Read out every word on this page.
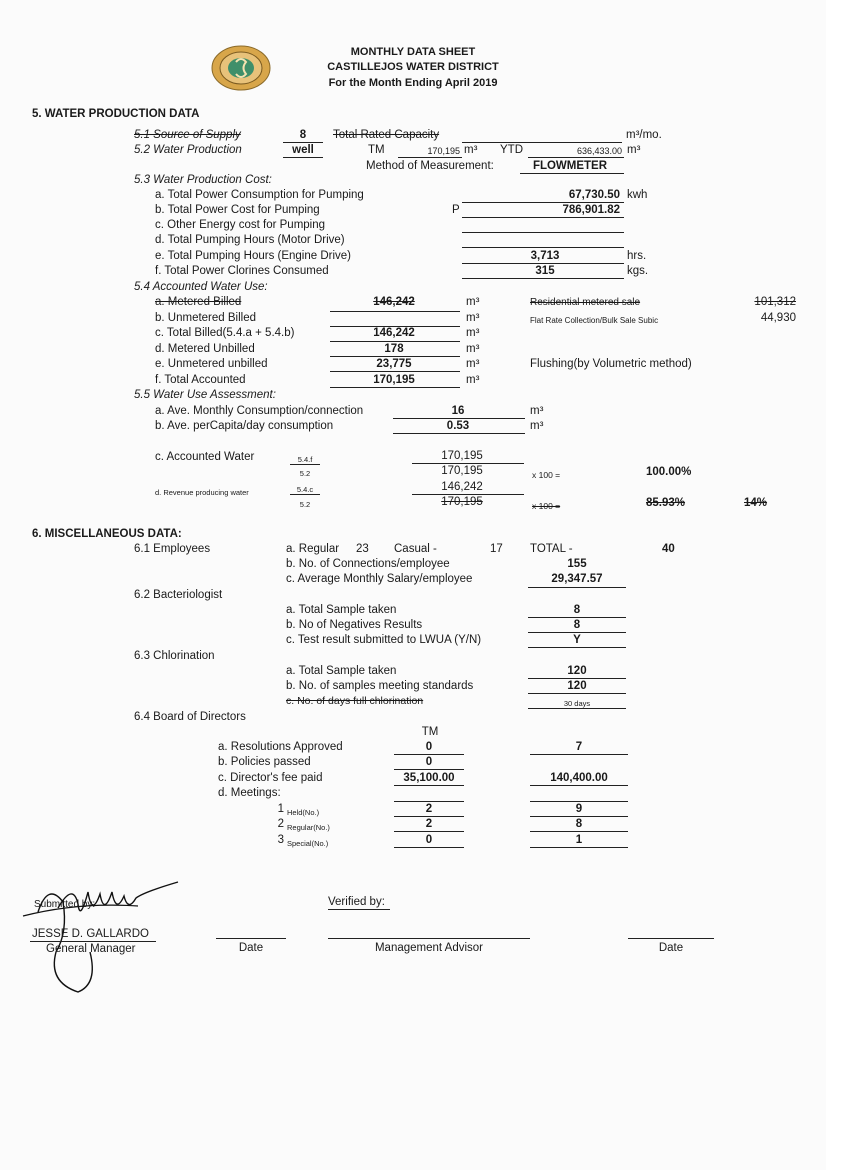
MONTHLY DATA SHEET
CASTILLEJOS WATER DISTRICT
For the Month Ending April 2019
5. WATER PRODUCTION DATA
5.1 Source of Supply	8	Total Rated Capacity	m³/mo.
5.2 Water Production	well	TM	170,195 m³ YTD	636,433.00 m³
Method of Measurement:	FLOWMETER
5.3 Water Production Cost:
a. Total Power Consumption for Pumping	67,730.50 kwh
b. Total Power Cost for Pumping	P	786,901.82
c. Other Energy cost for Pumping
d. Total Pumping Hours (Motor Drive)
e. Total Pumping Hours (Engine Drive)	3,713	hrs.
f. Total Power Clorines Consumed	315	kgs.
5.4 Accounted Water Use:
a. Metered Billed	146,242	m³	Residential metered sale	101,312
b. Unmetered Billed	m³	Flat Rate Collection/Bulk Sale Subic	44,930
c. Total Billed(5.4.a + 5.4.b)	146,242	m³
d. Metered Unbilled	178	m³
e. Unmetered unbilled	23,775	m³	Flushing(by Volumetric method)
f. Total Accounted	170,195	m³
5.5 Water Use Assessment:
a. Ave. Monthly Consumption/connection	16	m³
b. Ave. perCapita/day consumption	0.53	m³
c. Accounted Water	5.4.f
5.2
170,195
170,195	x 100 =	100.00%
d. Revenue producing water	5.4.c
5.2
146,242
170,195	x 100 =	85.93%	14%
6. MISCELLANEOUS DATA:
6.1 Employees	a. Regular 23 Casual -	17 TOTAL -	40
b. No. of Connections/employee	155
c. Average Monthly Salary/employee	29,347.57
6.2 Bacteriologist
a. Total Sample taken	8
b. No of Negatives Results	8
c. Test result submitted to LWUA (Y/N)	Y
6.3 Chlorination
a. Total Sample taken	120
b. No. of samples meeting standards	120
c. No. of days full chlorination	30 days
6.4 Board of Directors
TM
a. Resolutions Approved	0	7
b. Policies passed	0
c. Director's fee paid	35,100.00	140,400.00
d. Meetings:
1 Held(No.)	2	9
2 Regular(No.)	2	8
3 Special(No.)	0	1
Submitted by:
JESSE D. GALLARDO
General Manager	Date
Verified by:
Management Advisor	Date
